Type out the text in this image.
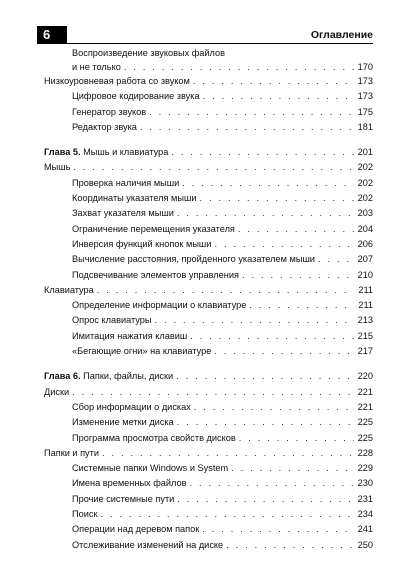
6	Оглавление
Воспроизведение звуковых файлов
и не только . . .	170
Низкоуровневая работа со звуком . . .	173
Цифровое кодирование звука . . .	173
Генератор звуков . . .	175
Редактор звука . . .	181
Глава 5. Мышь и клавиатура . . .	201
Мышь . . .	202
Проверка наличия мыши . . .	202
Координаты указателя мыши . . .	202
Захват указателя мыши . . .	203
Ограничение перемещения указателя . . .	204
Инверсия функций кнопок мыши . . .	206
Вычисление расстояния, пройденного указателем мыши . . .	207
Подсвечивание элементов управления . . .	210
Клавиатура . . .	211
Определение информации о клавиатуре . . .	211
Опрос клавиатуры . . .	213
Имитация нажатия клавиш . . .	215
«Бегающие огни» на клавиатуре . . .	217
Глава 6. Папки, файлы, диски . . .	220
Диски . . .	221
Сбор информации о дисках . . .	221
Изменение метки диска . . .	225
Программа просмотра свойств дисков . . .	225
Папки и пути . . .	228
Системные папки Windows и System . . .	229
Имена временных файлов . . .	230
Прочие системные пути . . .	231
Поиск . . .	234
Операции над деревом папок . . .	241
Отслеживание изменений на диске . . .	250
